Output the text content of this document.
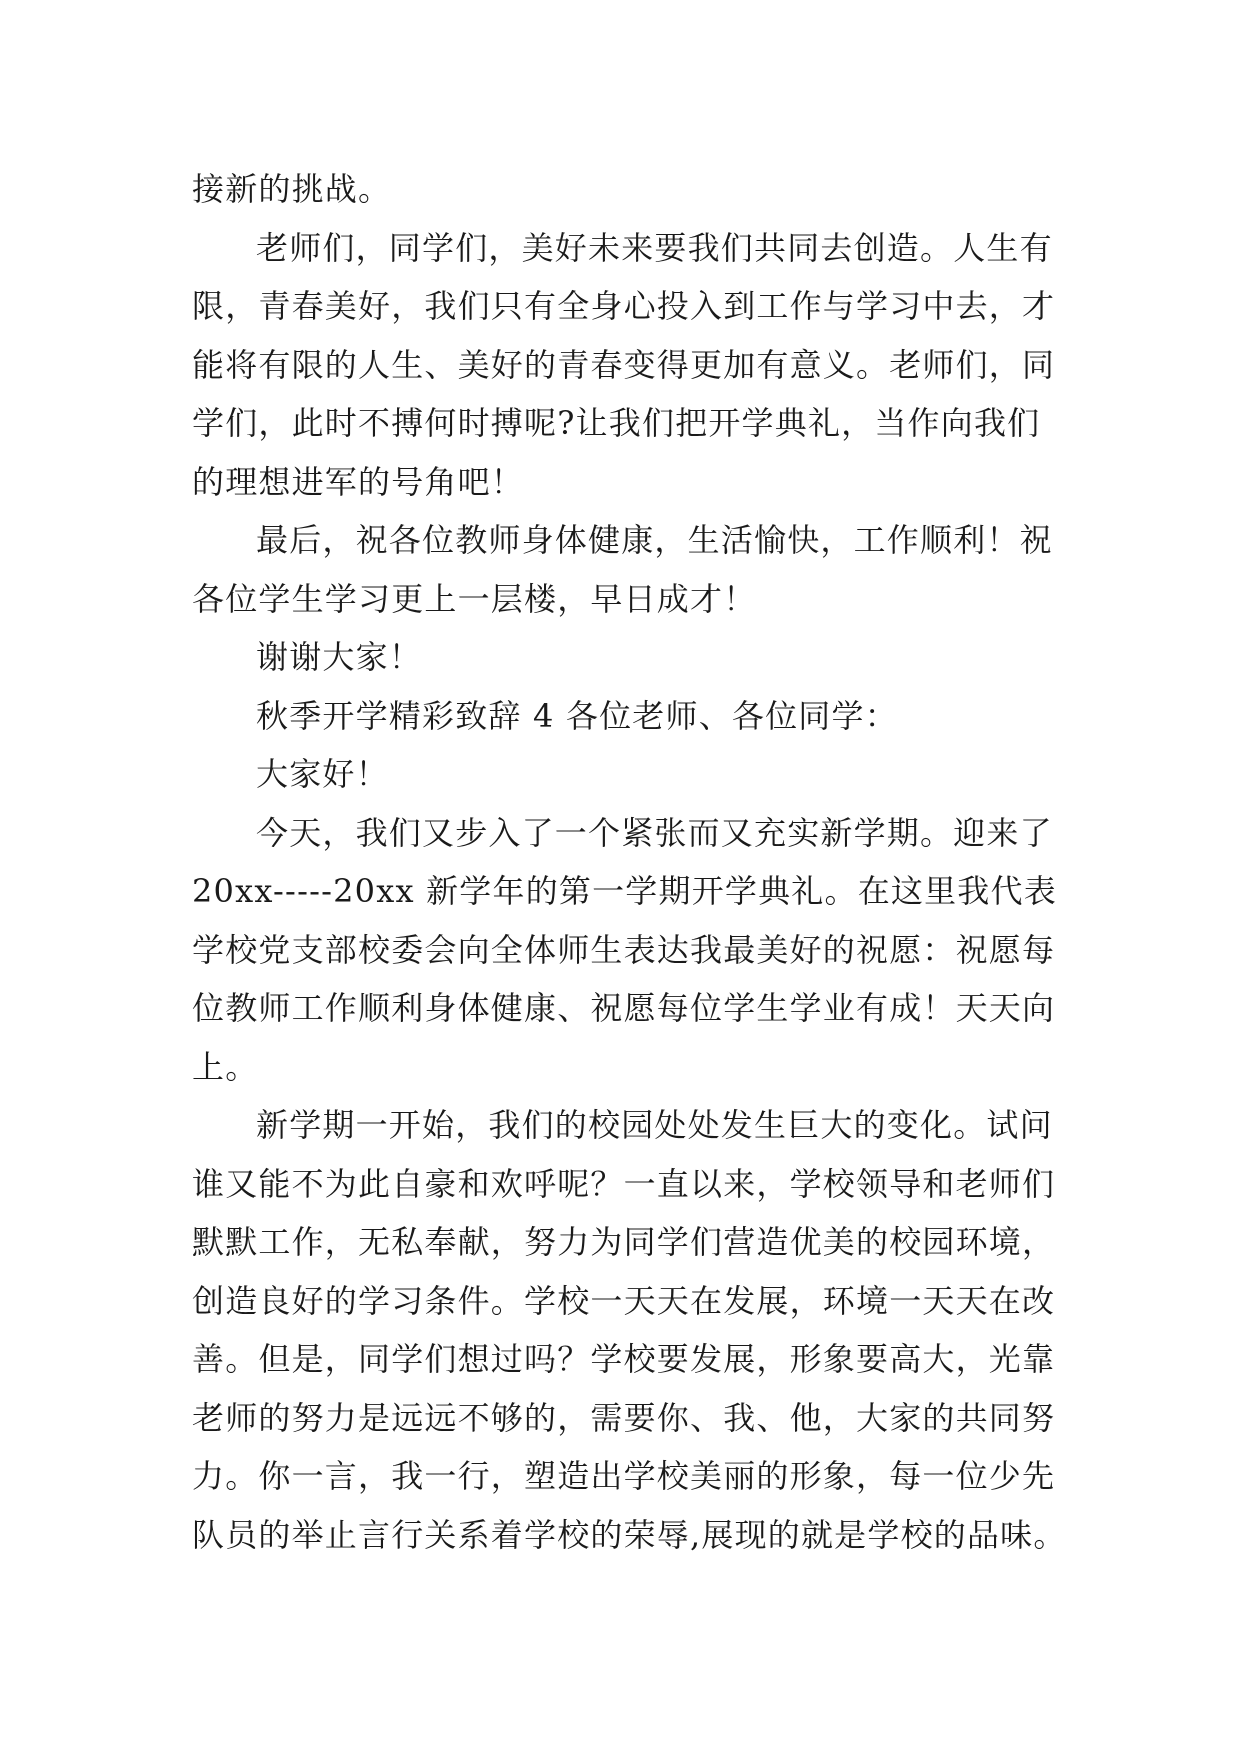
接新的挑战。
老师们，同学们，美好未来要我们共同去创造。人生有
限，青春美好，我们只有全身心投入到工作与学习中去，才
能将有限的人生、美好的青春变得更加有意义。老师们，同
学们，此时不搏何时搏呢?让我们把开学典礼，当作向我们
的理想进军的号角吧！
最后，祝各位教师身体健康，生活愉快，工作顺利！祝
各位学生学习更上一层楼，早日成才！
谢谢大家！
秋季开学精彩致辞 4 各位老师、各位同学：
大家好！
今天，我们又步入了一个紧张而又充实新学期。迎来了
20xx-----20xx 新学年的第一学期开学典礼。在这里我代表
学校党支部校委会向全体师生表达我最美好的祝愿：祝愿每
位教师工作顺利身体健康、祝愿每位学生学业有成！天天向
上。
新学期一开始，我们的校园处处发生巨大的变化。试问
谁又能不为此自豪和欢呼呢？一直以来，学校领导和老师们
默默工作，无私奉献，努力为同学们营造优美的校园环境，
创造良好的学习条件。学校一天天在发展，环境一天天在改
善。但是，同学们想过吗？学校要发展，形象要高大，光靠
老师的努力是远远不够的，需要你、我、他，大家的共同努
力。你一言，我一行，塑造出学校美丽的形象，每一位少先
队员的举止言行关系着学校的荣辱,展现的就是学校的品味。
